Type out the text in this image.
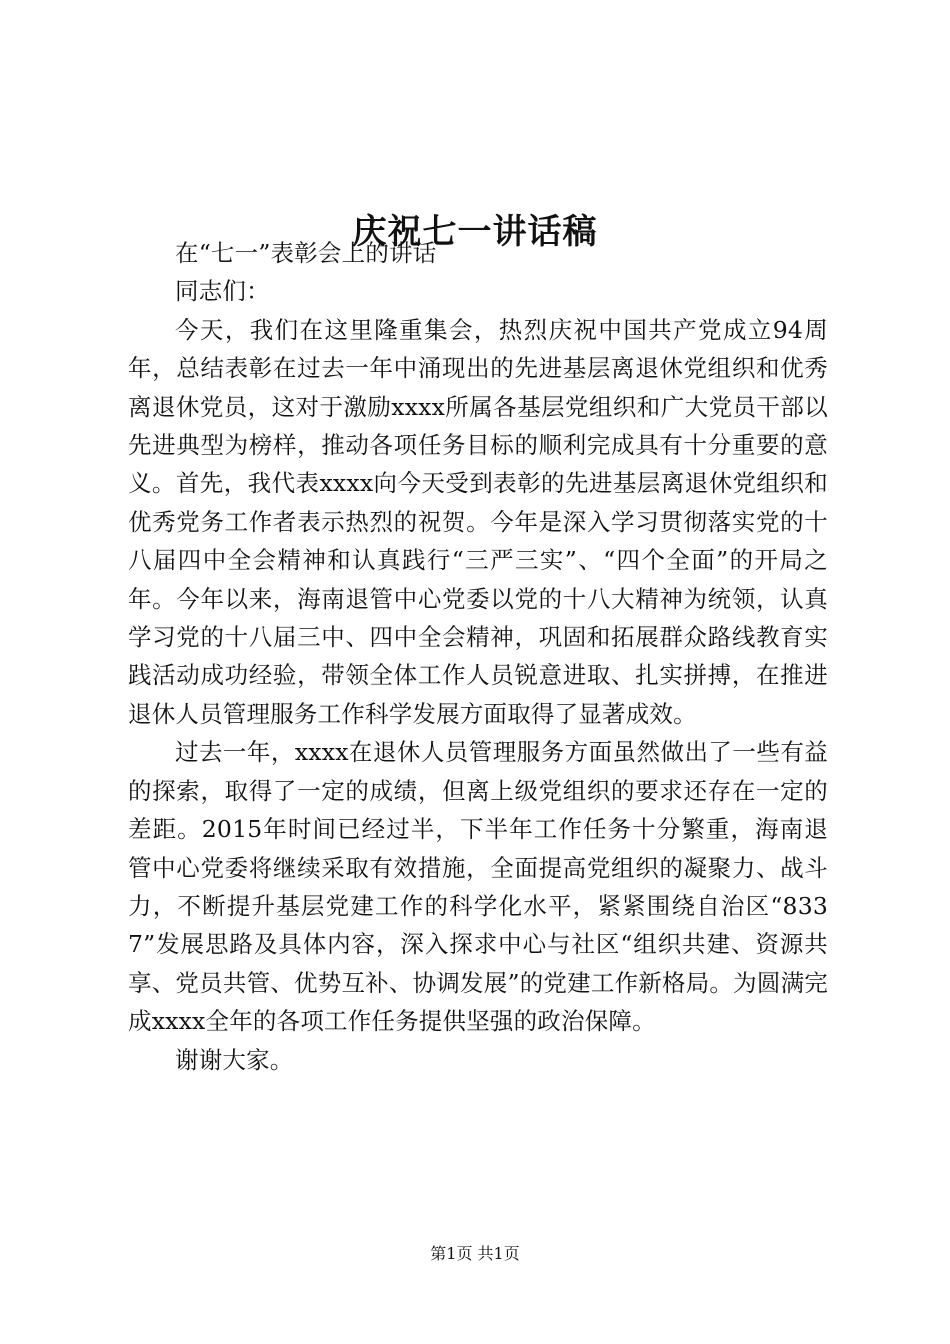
庆祝七一讲话稿

在“七一”表彰会上的讲话

同志们：

今天，我们在这里隆重集会，热烈庆祝中国共产党成立94周年，总结表彰在过去一年中涌现出的先进基层离退休党组织和优秀离退休党员，这对于激励xxxx所属各基层党组织和广大党员干部以先进典型为榜样，推动各项任务目标的顺利完成具有十分重要的意义。首先，我代表xxxx向今天受到表彰的先进基层离退休党组织和优秀党务工作者表示热烈的祝贺。今年是深入学习贯彻落实党的十八届四中全会精神和认真践行“三严三实”、“四个全面”的开局之年。今年以来，海南退管中心党委以党的十八大精神为统领，认真学习党的十八届三中、四中全会精神，巩固和拓展群众路线教育实践活动成功经验，带领全体工作人员锐意进取、扎实拼搏，在推进退休人员管理服务工作科学发展方面取得了显著成效。

过去一年，xxxx在退休人员管理服务方面虽然做出了一些有益的探索，取得了一定的成绩，但离上级党组织的要求还存在一定的差距。2015年时间已经过半，下半年工作任务十分繁重，海南退管中心党委将继续采取有效措施，全面提高党组织的凝聚力、战斗力，不断提升基层党建工作的科学化水平，紧紧围绕自治区“8337”发展思路及具体内容，深入探求中心与社区“组织共建、资源共享、党员共管、优势互补、协调发展”的党建工作新格局。为圆满完成xxxx全年的各项工作任务提供坚强的政治保障。

谢谢大家。

第1页 共1页
